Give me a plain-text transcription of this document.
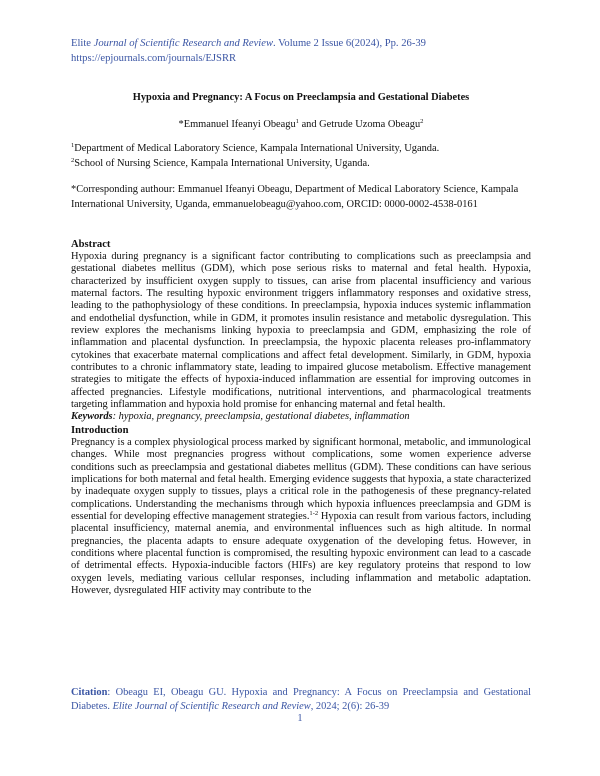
Elite Journal of Scientific Research and Review. Volume 2 Issue 6(2024), Pp. 26-39
https://epjournals.com/journals/EJSRR
Hypoxia and Pregnancy: A Focus on Preeclampsia and Gestational Diabetes
*Emmanuel Ifeanyi Obeagu$^1$ and Getrude Uzoma Obeagu$^2$
$^1$Department of Medical Laboratory Science, Kampala International University, Uganda.
$^2$School of Nursing Science, Kampala International University, Uganda.
*Corresponding authour: Emmanuel Ifeanyi Obeagu, Department of Medical Laboratory Science, Kampala International University, Uganda, emmanuelobeagu@yahoo.com, ORCID: 0000-0002-4538-0161
Abstract

Hypoxia during pregnancy is a significant factor contributing to complications such as preeclampsia and gestational diabetes mellitus (GDM), which pose serious risks to maternal and fetal health. Hypoxia, characterized by insufficient oxygen supply to tissues, can arise from placental insufficiency and various maternal factors. The resulting hypoxic environment triggers inflammatory responses and oxidative stress, leading to the pathophysiology of these conditions. In preeclampsia, hypoxia induces systemic inflammation and endothelial dysfunction, while in GDM, it promotes insulin resistance and metabolic dysregulation. This review explores the mechanisms linking hypoxia to preeclampsia and GDM, emphasizing the role of inflammation and placental dysfunction. In preeclampsia, the hypoxic placenta releases pro-inflammatory cytokines that exacerbate maternal complications and affect fetal development. Similarly, in GDM, hypoxia contributes to a chronic inflammatory state, leading to impaired glucose metabolism. Effective management strategies to mitigate the effects of hypoxia-induced inflammation are essential for improving outcomes in affected pregnancies. Lifestyle modifications, nutritional interventions, and pharmacological treatments targeting inflammation and hypoxia hold promise for enhancing maternal and fetal health.

Keywords: hypoxia, pregnancy, preeclampsia, gestational diabetes, inflammation
Introduction

Pregnancy is a complex physiological process marked by significant hormonal, metabolic, and immunological changes. While most pregnancies progress without complications, some women experience adverse conditions such as preeclampsia and gestational diabetes mellitus (GDM). These conditions can have serious implications for both maternal and fetal health. Emerging evidence suggests that hypoxia, a state characterized by inadequate oxygen supply to tissues, plays a critical role in the pathogenesis of these pregnancy-related complications. Understanding the mechanisms through which hypoxia influences preeclampsia and GDM is essential for developing effective management strategies.$^{1-2}$ Hypoxia can result from various factors, including placental insufficiency, maternal anemia, and environmental influences such as high altitude. In normal pregnancies, the placenta adapts to ensure adequate oxygenation of the developing fetus. However, in conditions where placental function is compromised, the resulting hypoxic environment can lead to a cascade of detrimental effects. Hypoxia-inducible factors (HIFs) are key regulatory proteins that respond to low oxygen levels, mediating various cellular responses, including inflammation and metabolic adaptation. However, dysregulated HIF activity may contribute to the

Citation: Obeagu EI, Obeagu GU. Hypoxia and Pregnancy: A Focus on Preeclampsia and Gestational Diabetes. Elite Journal of Scientific Research and Review, 2024; 2(6): 26-39
1
